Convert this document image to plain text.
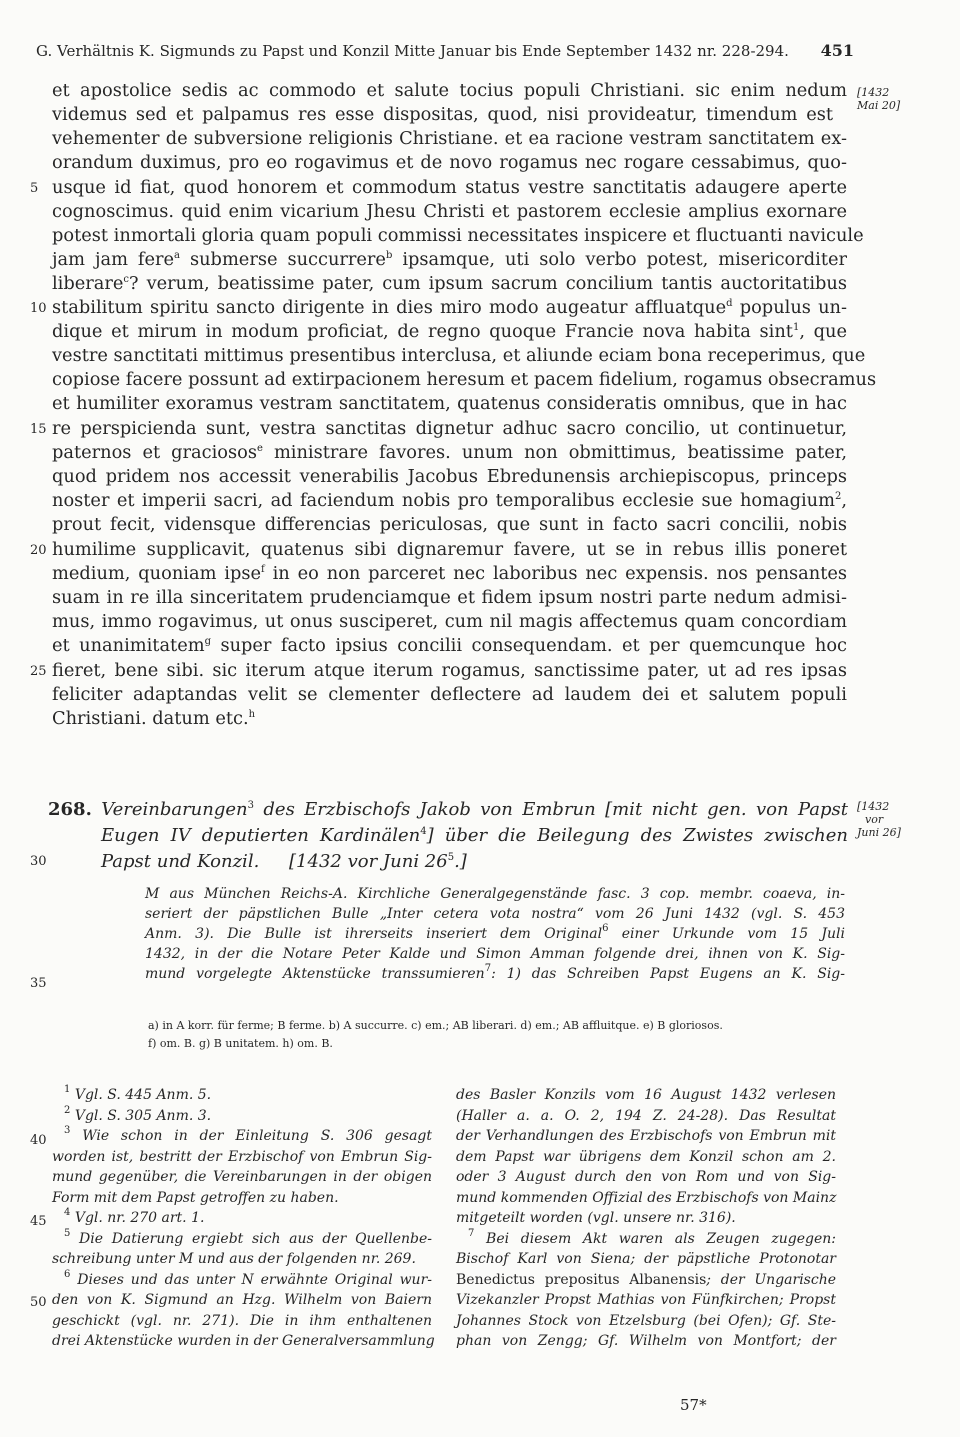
G. Verhältnis K. Sigmunds zu Papst und Konzil Mitte Januar bis Ende September 1432 nr. 228-294. 451
[1432
Mai 20]
et apostolice sedis ac commodo et salute tocius populi Christiani. sic enim nedum
videmus sed et palpamus res esse dispositas, quod, nisi provideatur, timendum est
vehementer de subversione religionis Christiane. et ea racione vestram sanctitatem ex-
orandum duximus, pro eo rogavimus et de novo rogamus nec rogare cessabimus, quo-
5 usque id fiat, quod honorem et commodum status vestre sanctitatis adaugere aperte
cognoscimus. quid enim vicarium Jhesu Christi et pastorem ecclesie amplius exornare
potest inmortali gloria quam populi commissi necessitates inspicere et fluctuanti navicule
jam jam fere$^a$ submerse succurrere$^b$ ipsamque, uti solo verbo potest, misericorditer
liberare$^c$? verum, beatissime pater, cum ipsum sacrum concilium tantis auctoritatibus
10 stabilitum spiritu sancto dirigente in dies miro modo augeatur affluatque$^d$ populus un-
dique et mirum in modum proficiat, de regno quoque Francie nova habita sint$^1$, que
vestre sanctitati mittimus presentibus interclusa, et aliunde eciam bona receperimus, que
copiose facere possunt ad extirpacionem heresum et pacem fidelium, rogamus obsecramus
et humiliter exoramus vestram sanctitatem, quatenus consideratis omnibus, que in hac
15 re perspicienda sunt, vestra sanctitas dignetur adhuc sacro concilio, ut continuetur,
paternos et graciosos$^e$ ministrare favores. unum non obmittimus, beatissime pater,
quod pridem nos accessit venerabilis Jacobus Ebredunensis archiepiscopus, princeps
noster et imperii sacri, ad faciendum nobis pro temporalibus ecclesie sue homagium$^2$,
prout fecit, vidensque differencias periculosas, que sunt in facto sacri concilii, nobis
20 humilime supplicavit, quatenus sibi dignaremur favere, ut se in rebus illis poneret
medium, quoniam ipse$^f$ in eo non parceret nec laboribus nec expensis. nos pensantes
suam in re illa sinceritatem prudenciamque et fidem ipsum nostri parte nedum admisi-
mus, immo rogavimus, ut onus susciperet, cum nil magis affectemus quam concordiam
et unanimitatem$^g$ super facto ipsius concilii consequendam. et per quemcunque hoc
25 fieret, bene sibi. sic iterum atque iterum rogamus, sanctissime pater, ut ad res ipsas
feliciter adaptandas velit se clementer deflectere ad laudem dei et salutem populi
Christiani. datum etc.$^h$
268. Vereinbarungen$^3$ des Erzbischofs Jakob von Embrun [mit nicht gen. von Papst
Eugen IV deputierten Kardinälen$^4$] über die Beilegung des Zwistes zwischen
30	Papst und Konzil. [1432 vor Juni $26^5$.]
[1432
vor
Juni 26]
M aus München Reichs-A. Kirchliche Generalgegenstände fasc. 3 cop. membr. coaeva, in-
seriert der päpstlichen Bulle „Inter cetera vota nostra“ vom 26 Juni 1432 (vgl. S. 453
Anm. 3). Die Bulle ist ihrerseits inseriert dem Original$^6$ einer Urkunde vom 15 Juli
1432, in der die Notare Peter Kalde und Simon Amman folgende drei, ihnen von K. Sig-
35
mund vorgelegte Aktenstücke transsumieren$^7$: 1) das Schreiben Papst Eugens an K. Sig-
a) in A korr. für ferme; B ferme. b) A succurre. c) em.; AB liberari. d) em.; AB affluitque. e) B gloriosos.
f) om. B. g) B unitatem. h) om. B.
40
45
50
$^1$ Vgl. S. 445 Anm. 5.
$^2$ Vgl. S. 305 Anm. 3.
$^3$ Wie schon in der Einleitung S. 306 gesagt
worden ist, bestritt der Erzbischof von Embrun Sig-
mund gegenüber, die Vereinbarungen in der obigen
Form mit dem Papst getroffen zu haben.
$^4$ Vgl. nr. 270 art. 1.
$^5$ Die Datierung ergiebt sich aus der Quellenbe-
schreibung unter M und aus der folgenden nr. 269.
$^6$ Dieses und das unter N erwähnte Original wur-
den von K. Sigmund an Hzg. Wilhelm von Baiern
geschickt (vgl. nr. 271). Die in ihm enthaltenen
drei Aktenstücke wurden in der Generalversammlung
des Basler Konzils vom 16 August 1432 verlesen
(Haller a. a. O. 2, 194 Z. 24-28). Das Resultat
der Verhandlungen des Erzbischofs von Embrun mit
dem Papst war übrigens dem Konzil schon am 2.
oder 3 August durch den von Rom und von Sig-
mund kommenden Offizial des Erzbischofs von Mainz
mitgeteilt worden (vgl. unsere nr. 316).
$^7$ Bei diesem Akt waren als Zeugen zugegen:
Bischof Karl von Siena; der päpstliche Protonotar
Benedictus prepositus Albanensis; der Ungarische
Vizekanzler Propst Mathias von Fünfkirchen; Propst
Johannes Stock von Etzelsburg (bei Ofen); Gf. Ste-
phan von Zengg; Gf. Wilhelm von Montfort; der
57*
